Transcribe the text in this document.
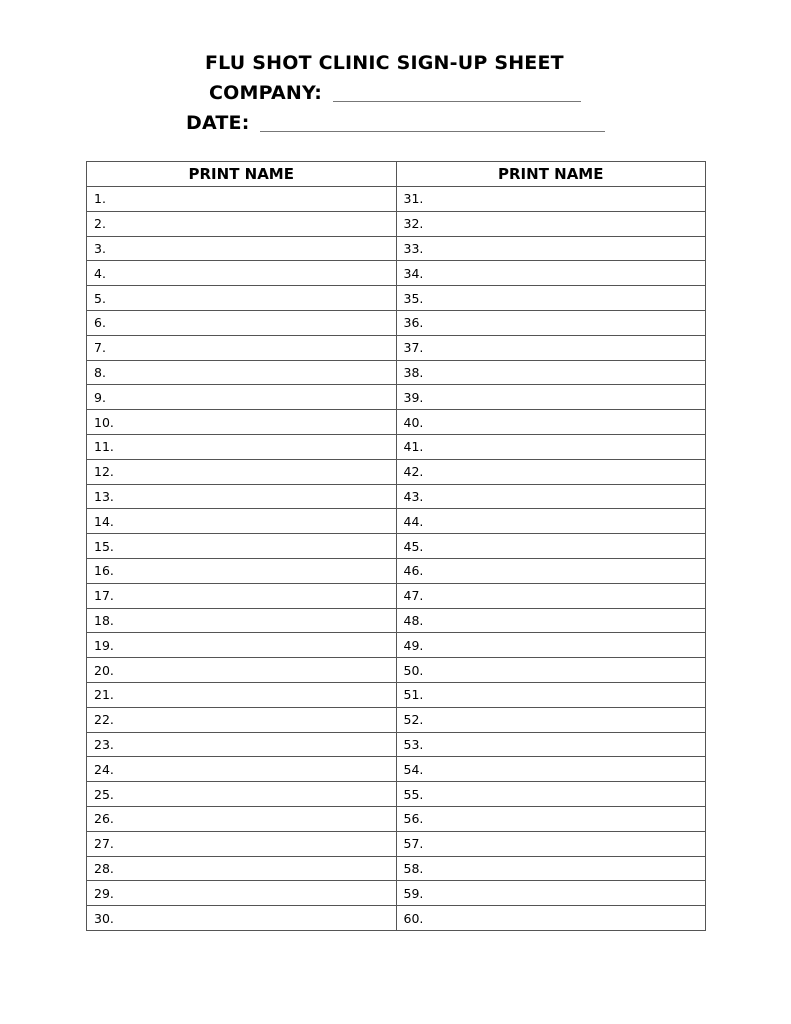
FLU SHOT CLINIC SIGN-UP SHEET
COMPANY:
DATE:
PRINT NAME	PRINT NAME
1.	31.
2.	32.
3.	33.
4.	34.
5.	35.
6.	36.
7.	37.
8.	38.
9.	39.
10.	40.
11.	41.
12.	42.
13.	43.
14.	44.
15.	45.
16.	46.
17.	47.
18.	48.
19.	49.
20.	50.
21.	51.
22.	52.
23.	53.
24.	54.
25.	55.
26.	56.
27.	57.
28.	58.
29.	59.
30.	60.
